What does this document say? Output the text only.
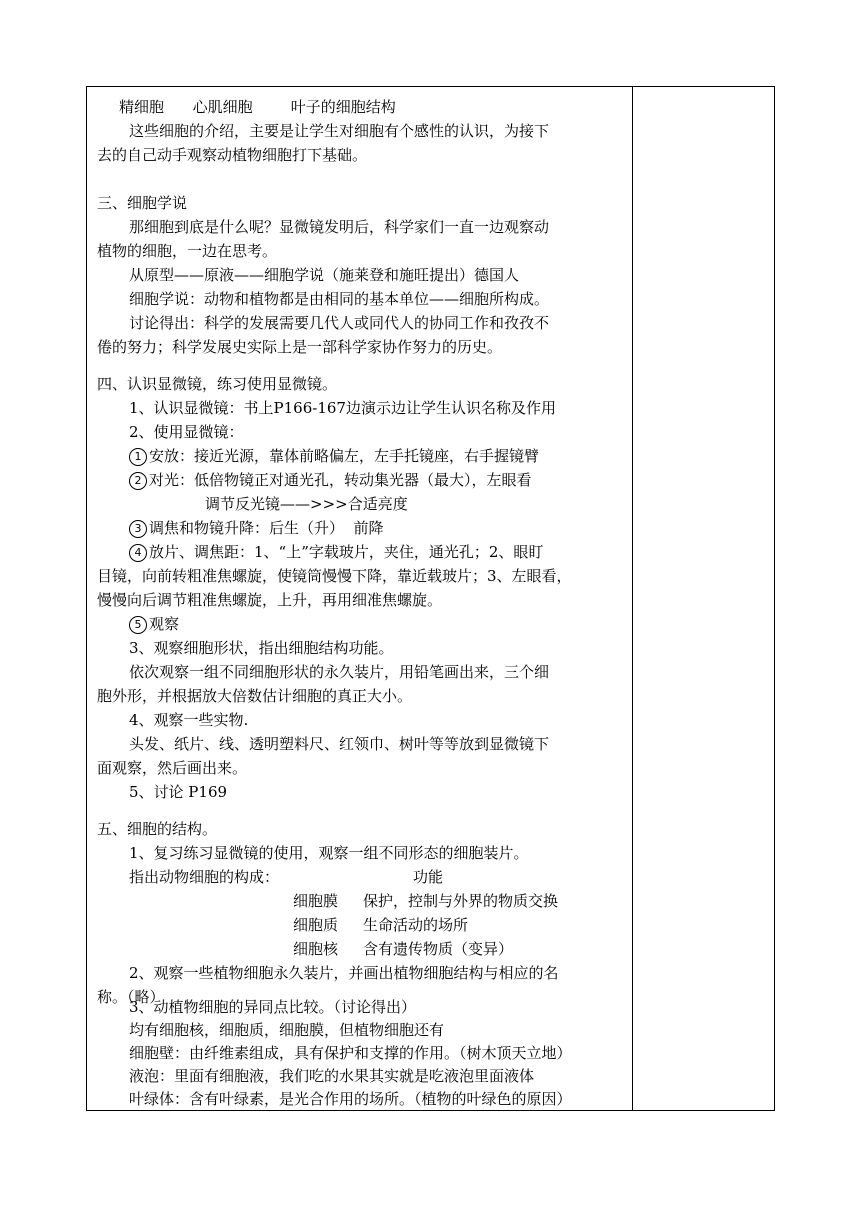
精细胞      心肌细胞        叶子的细胞结构
这些细胞的介绍，主要是让学生对细胞有个感性的认识，为接下
去的自己动手观察动植物细胞打下基础。
三、细胞学说
那细胞到底是什么呢？显微镜发明后，科学家们一直一边观察动
植物的细胞，一边在思考。
从原型——原液——细胞学说（施莱登和施旺提出）德国人
细胞学说：动物和植物都是由相同的基本单位——细胞所构成。
讨论得出：科学的发展需要几代人或同代人的协同工作和孜孜不
倦的努力；科学发展史实际上是一部科学家协作努力的历史。
四、认识显微镜，练习使用显微镜。
1、认识显微镜：书上P166-167边演示边让学生认识名称及作用
2、使用显微镜：
1 安放：接近光源，靠体前略偏左，左手托镜座，右手握镜臂
2 对光：低倍物镜正对通光孔，转动集光器（最大），左眼看
调节反光镜——>>>合适亮度
3 调焦和物镜升降：后生（升）  前降
4 放片、调焦距：1、“上”字载玻片，夹住，通光孔；2、眼盯
目镜，向前转粗准焦螺旋，使镜筒慢慢下降，靠近载玻片；3、左眼看，
慢慢向后调节粗准焦螺旋，上升，再用细准焦螺旋。
5 观察
3、观察细胞形状，指出细胞结构功能。
依次观察一组不同细胞形状的永久装片，用铅笔画出来，三个细
胞外形，并根据放大倍数估计细胞的真正大小。
4、观察一些实物.
头发、纸片、线、透明塑料尺、红领巾、树叶等等放到显微镜下
面观察，然后画出来。
5、讨论 P169
五、细胞的结构。
1、复习练习显微镜的使用，观察一组不同形态的细胞装片。
指出动物细胞的构成：	功能
细胞膜 保护，控制与外界的物质交换
细胞质 生命活动的场所
细胞核 含有遗传物质（变异）
2、观察一些植物细胞永久装片，并画出植物细胞结构与相应的名
称。（略）
3、动植物细胞的异同点比较。（讨论得出）
均有细胞核，细胞质，细胞膜，但植物细胞还有
细胞壁：由纤维素组成，具有保护和支撑的作用。（树木顶天立地）
液泡：里面有细胞液，我们吃的水果其实就是吃液泡里面液体
叶绿体：含有叶绿素，是光合作用的场所。（植物的叶绿色的原因）
